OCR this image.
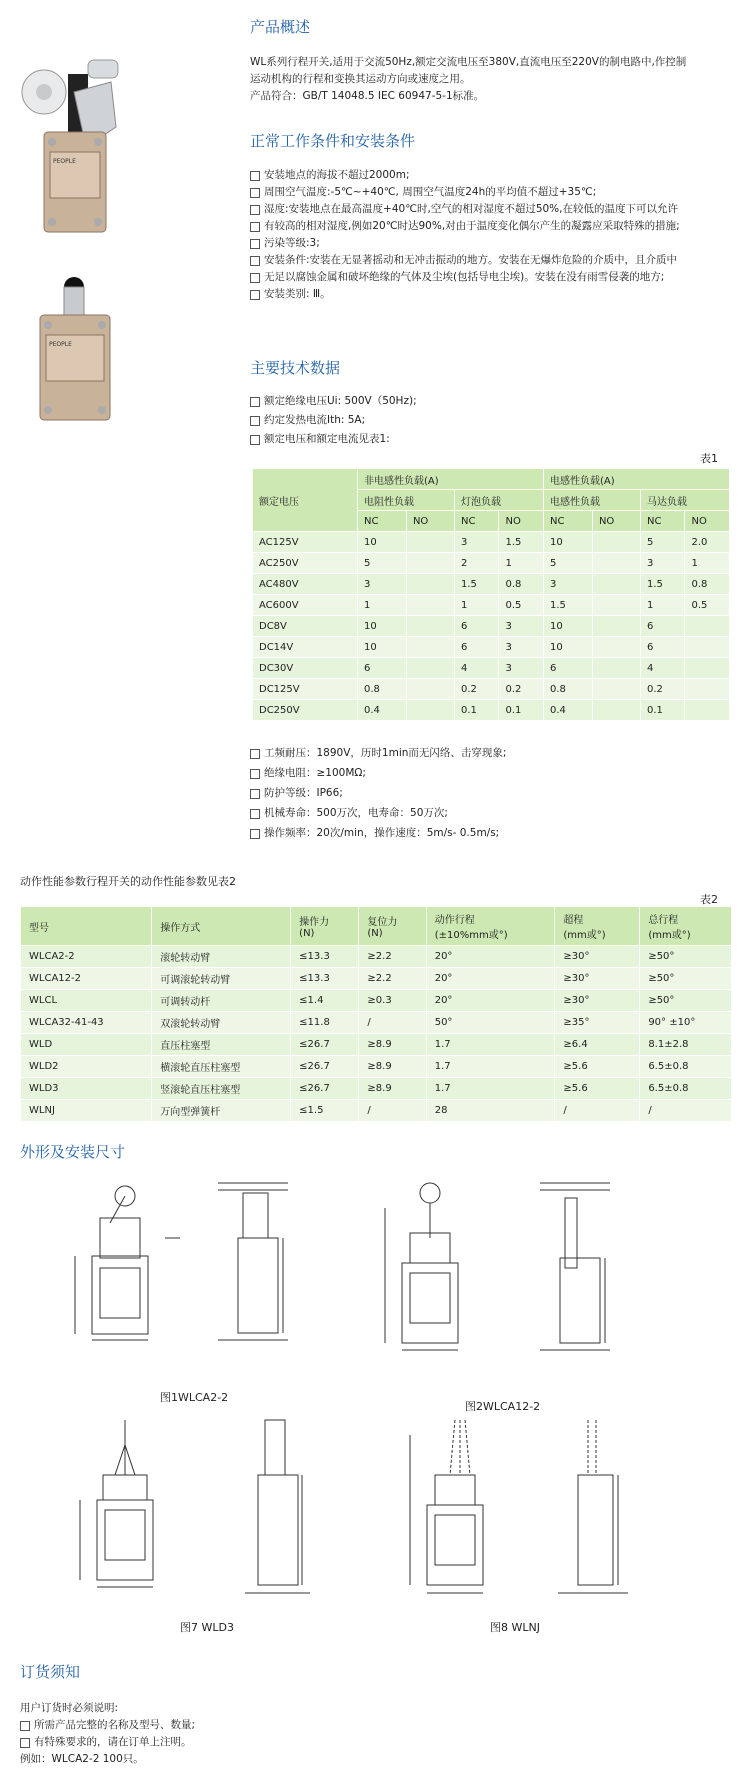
PEOPLE
PEOPLE
产品概述
WL系列行程开关,适用于交流50Hz,额定交流电压至380V,直流电压至220V的制电路中,作控制
运动机构的行程和变换其运动方向或速度之用。
产品符合：GB/T 14048.5 IEC 60947-5-1标准。
正常工作条件和安装条件
安装地点的海拔不超过2000m;
周围空气温度:-5℃~+40℃, 周围空气温度24h的平均值不超过+35℃;
湿度:安装地点在最高温度+40℃时,空气的相对湿度不超过50%,在较低的温度下可以允许
有较高的相对湿度,例如20℃时达90%,对由于温度变化偶尔产生的凝露应采取特殊的措施;
污染等级:3;
安装条件:安装在无显著摇动和无冲击振动的地方。安装在无爆炸危险的介质中，且介质中
无足以腐蚀金属和破坏绝缘的气体及尘埃(包括导电尘埃)。安装在没有雨雪侵袭的地方;
安装类别: Ⅲ。
主要技术数据
额定绝缘电压Ui: 500V（50Hz);
约定发热电流Ith: 5A;
额定电压和额定电流见表1:
表1
额定电压	非电感性负载(A)				电感性负载(A)			
	电阻性负载		灯泡负载		电感性负载		马达负载	
	NC	NO	NC	NO	NC	NO	NC	NO
AC125V	10		3	1.5	10		5	2.0
AC250V	5		2	1	5		3	1
AC480V	3		1.5	0.8	3		1.5	0.8
AC600V	1		1	0.5	1.5		1	0.5
DC8V	10		6	3	10		6	
DC14V	10		6	3	10		6	
DC30V	6		4	3	6		4	
DC125V	0.8		0.2	0.2	0.8		0.2	
DC250V	0.4		0.1	0.1	0.4		0.1	
工频耐压：1890V，历时1min而无闪络、击穿现象;
绝缘电阻：≥100MΩ;
防护等级：IP66;
机械寿命：500万次，电寿命：50万次;
操作频率：20次/min，操作速度：5m/s- 0.5m/s;
动作性能参数行程开关的动作性能参数见表2
表2
型号	操作方式	操作力
(N)	复位力
(N)	动作行程
(±10%mm或°)	超程
(mm或°)	总行程
(mm或°)
WLCA2-2	滚轮转动臂	≤13.3	≥2.2	20°	≥30°	≥50°
WLCA12-2	可调滚轮转动臂	≤13.3	≥2.2	20°	≥30°	≥50°
WLCL	可调转动杆	≤1.4	≥0.3	20°	≥30°	≥50°
WLCA32-41-43	双滚轮转动臂	≤11.8	/	50°	≥35°	90° ±10°
WLD	直压柱塞型	≤26.7	≥8.9	1.7	≥6.4	8.1±2.8
WLD2	横滚轮直压柱塞型	≤26.7	≥8.9	1.7	≥5.6	6.5±0.8
WLD3	竖滚轮直压柱塞型	≤26.7	≥8.9	1.7	≥5.6	6.5±0.8
WLNJ	万向型弹簧杆	≤1.5	/	28	/	/
外形及安装尺寸
图1WLCA2-2
图2WLCA12-2
图7 WLD3	图8 WLNJ
订货须知
用户订货时必须说明:
所需产品完整的名称及型号、数量;
有特殊要求的，请在订单上注明。
例如：WLCA2-2 100只。
